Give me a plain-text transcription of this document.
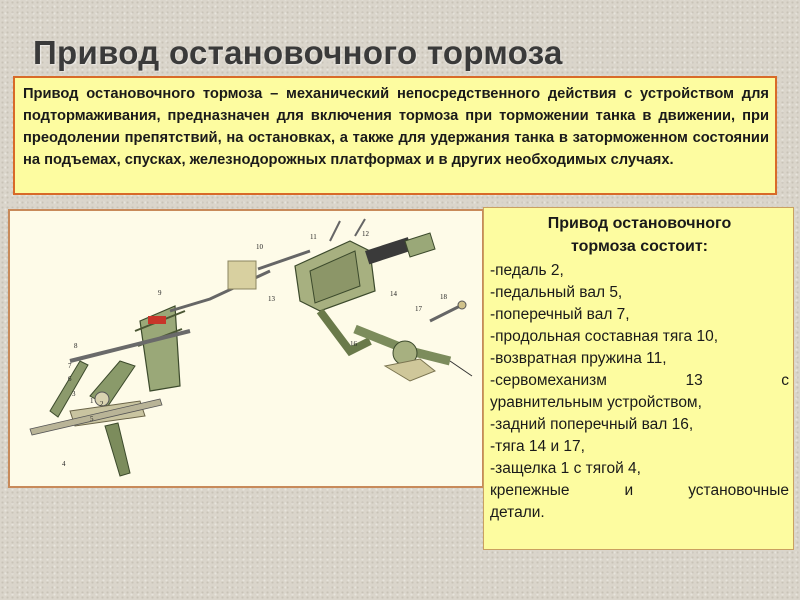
Привод остановочного тормоза
Привод остановочного тормоза – механический непосредственного действия с устройством для подтормаживания, предназначен для включения тормоза при торможении танка в движении, при преодолении препятствий, на остановках, а также для удержания танка в заторможенном состоянии на подъемах, спусках, железнодорожных платформах и в других необходимых случаях.
1 2
3
4
5
6
7
8
9
10
11	12
13
14
16
17
18
Привод остановочного
тормоза состоит:
-педаль 2,
-педальный вал 5,
-поперечный вал 7,
-продольная составная тяга 10,
-возвратная пружина 11,
-сервомеханизм 13 с
уравнительным устройством,
-задний поперечный вал 16,
-тяга 14 и 17,
-защелка 1 с тягой 4,
крепежные и установочные
детали.
